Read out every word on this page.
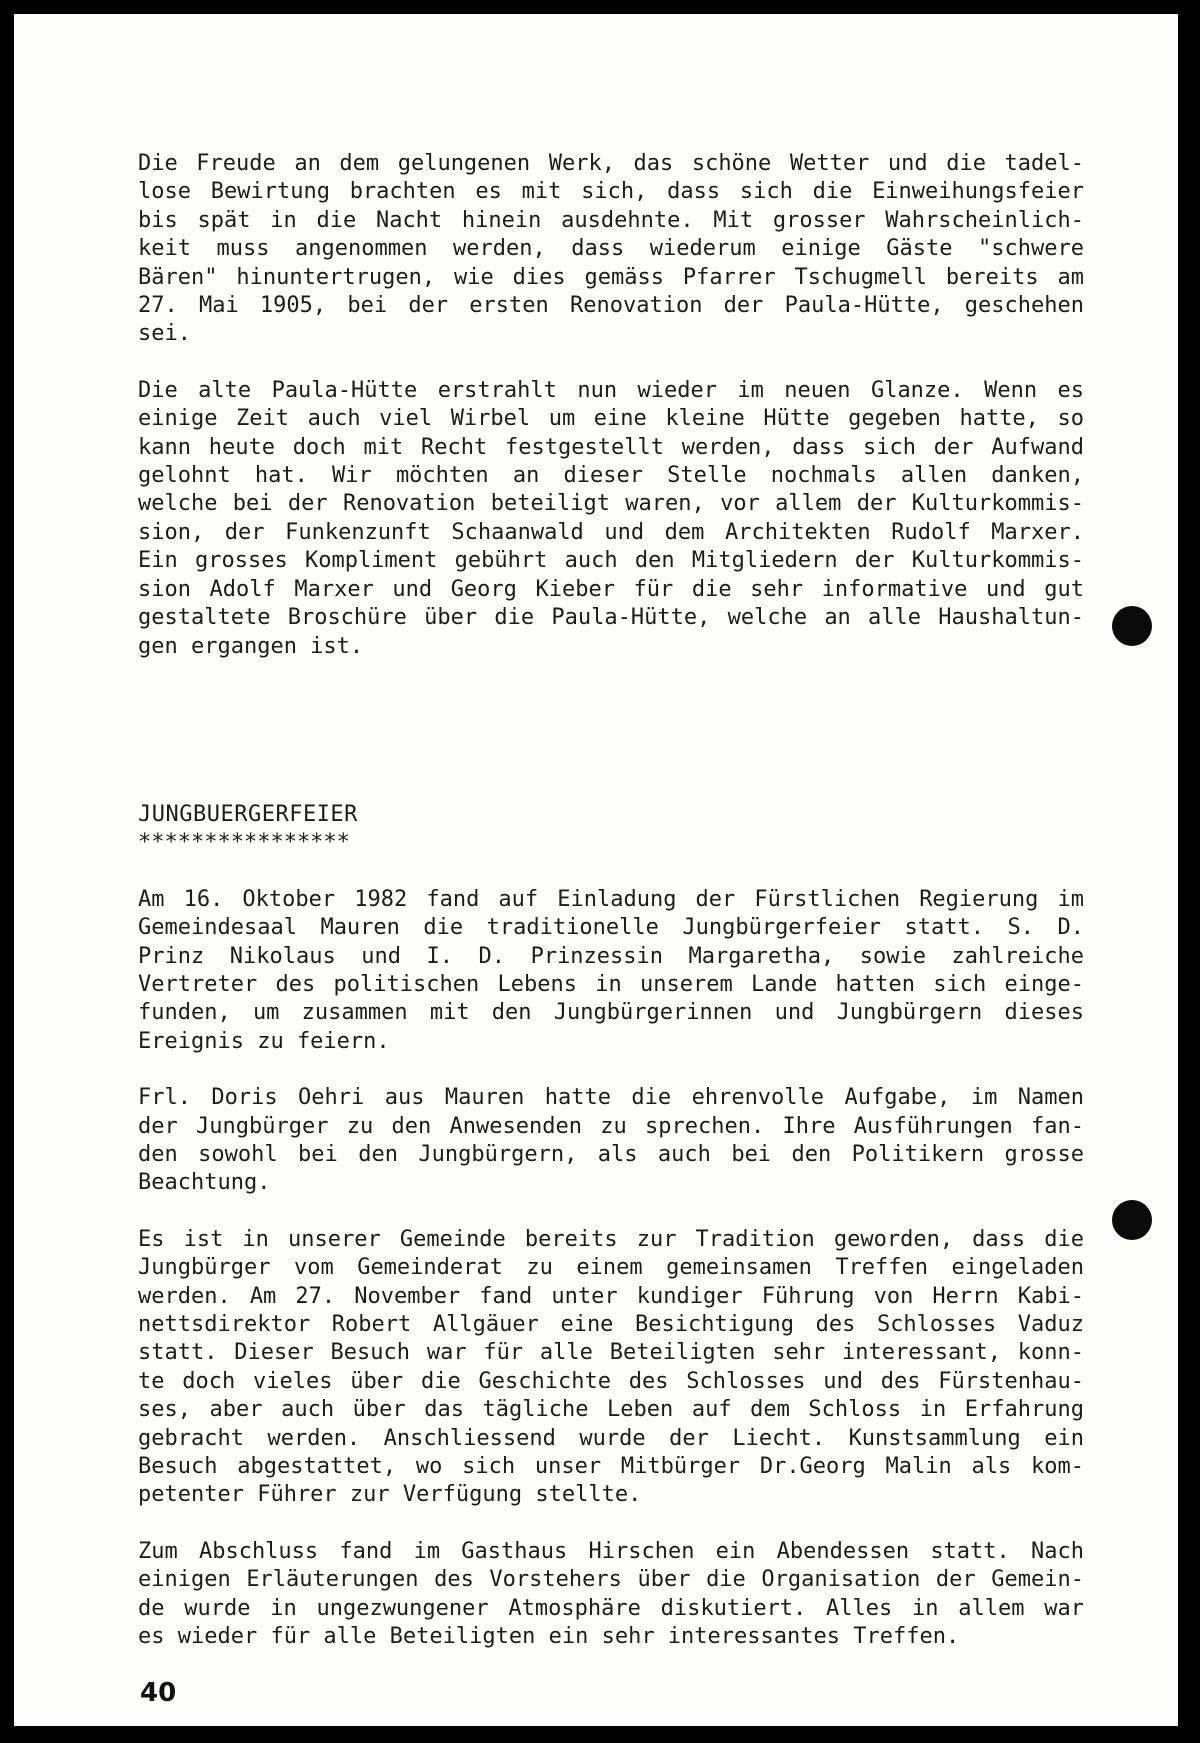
Die Freude an dem gelungenen Werk, das schöne Wetter und die tadel-
lose Bewirtung brachten es mit sich, dass sich die Einweihungsfeier
bis spät in die Nacht hinein ausdehnte. Mit grosser Wahrscheinlich-
keit muss angenommen werden, dass wiederum einige Gäste "schwere
Bären" hinuntertrugen, wie dies gemäss Pfarrer Tschugmell bereits am
27. Mai 1905, bei der ersten Renovation der Paula-Hütte, geschehen
sei.
Die alte Paula-Hütte erstrahlt nun wieder im neuen Glanze. Wenn es
einige Zeit auch viel Wirbel um eine kleine Hütte gegeben hatte, so
kann heute doch mit Recht festgestellt werden, dass sich der Aufwand
gelohnt hat. Wir möchten an dieser Stelle nochmals allen danken,
welche bei der Renovation beteiligt waren, vor allem der Kulturkommis-
sion, der Funkenzunft Schaanwald und dem Architekten Rudolf Marxer.
Ein grosses Kompliment gebührt auch den Mitgliedern der Kulturkommis-
sion Adolf Marxer und Georg Kieber für die sehr informative und gut
gestaltete Broschüre über die Paula-Hütte, welche an alle Haushaltun-
gen ergangen ist.

JUNGBUERGERFEIER

****************

Am 16. Oktober 1982 fand auf Einladung der Fürstlichen Regierung im
Gemeindesaal Mauren die traditionelle Jungbürgerfeier statt. S. D.
Prinz Nikolaus und I. D. Prinzessin Margaretha, sowie zahlreiche
Vertreter des politischen Lebens in unserem Lande hatten sich einge-
funden, um zusammen mit den Jungbürgerinnen und Jungbürgern dieses
Ereignis zu feiern.
Frl. Doris Oehri aus Mauren hatte die ehrenvolle Aufgabe, im Namen
der Jungbürger zu den Anwesenden zu sprechen. Ihre Ausführungen fan-
den sowohl bei den Jungbürgern, als auch bei den Politikern grosse
Beachtung.
Es ist in unserer Gemeinde bereits zur Tradition geworden, dass die
Jungbürger vom Gemeinderat zu einem gemeinsamen Treffen eingeladen
werden. Am 27. November fand unter kundiger Führung von Herrn Kabi-
nettsdirektor Robert Allgäuer eine Besichtigung des Schlosses Vaduz
statt. Dieser Besuch war für alle Beteiligten sehr interessant, konn-
te doch vieles über die Geschichte des Schlosses und des Fürstenhau-
ses, aber auch über das tägliche Leben auf dem Schloss in Erfahrung
gebracht werden. Anschliessend wurde der Liecht. Kunstsammlung ein
Besuch abgestattet, wo sich unser Mitbürger Dr.Georg Malin als kom-
petenter Führer zur Verfügung stellte.
Zum Abschluss fand im Gasthaus Hirschen ein Abendessen statt. Nach
einigen Erläuterungen des Vorstehers über die Organisation der Gemein-
de wurde in ungezwungener Atmosphäre diskutiert. Alles in allem war
es wieder für alle Beteiligten ein sehr interessantes Treffen.
40
